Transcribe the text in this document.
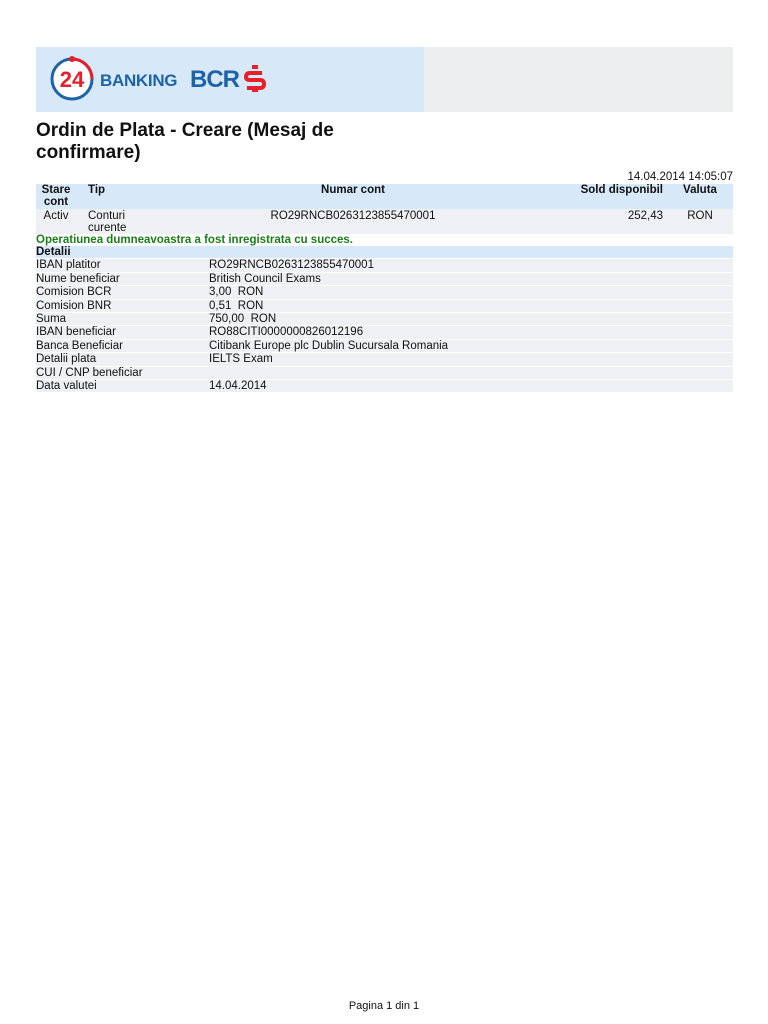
24 BANKING BCR
Ordin de Plata - Creare (Mesaj de confirmare)
14.04.2014 14:05:07
Stare cont	Tip	Numar cont	Sold disponibil	Valuta
Activ	Conturi curente	RO29RNCB0263123855470001	252,43	RON
Operatiunea dumneavoastra a fost inregistrata cu succes.
Detalii		
IBAN platitor	RO29RNCB0263123855470001	
Nume beneficiar	British Council Exams	
Comision BCR	3,00  RON	
Comision BNR	0,51  RON	
Suma	750,00  RON	
IBAN beneficiar	RO88CITI0000000826012196	
Banca Beneficiar	Citibank Europe plc Dublin Sucursala Romania	
Detalii plata	IELTS Exam	
CUI / CNP beneficiar		
Data valutei	14.04.2014	
Pagina 1 din 1
